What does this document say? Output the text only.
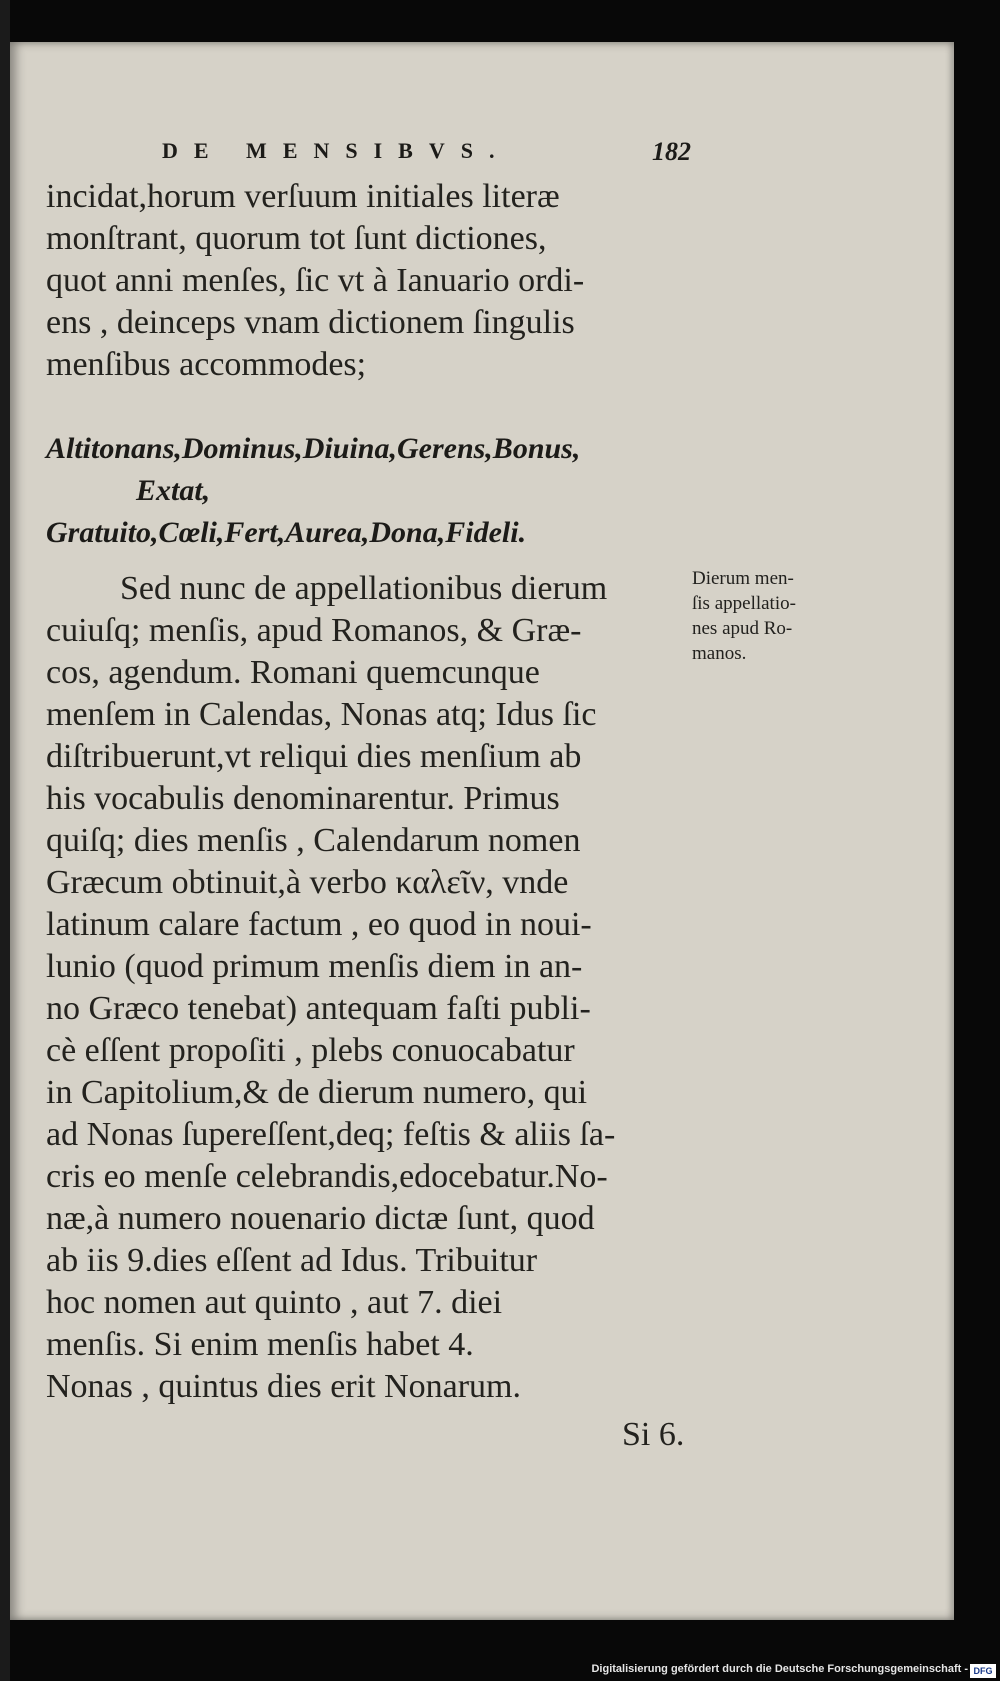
DE MENSIBVS.	182
incidat,horum verſuum initiales literæ
monſtrant, quorum tot ſunt dictiones,
quot anni menſes, ſic vt à Ianuario ordi-
ens , deinceps vnam dictionem ſingulis
menſibus accommodes;
Altitonans,Dominus,Diuina,Gerens,Bonus,
Extat,
Gratuito,Cœli,Fert,Aurea,Dona,Fideli.
Sed nunc de appellationibus dierum
cuiuſq; menſis, apud Romanos, & Græ-
cos, agendum. Romani quemcunque
menſem in Calendas, Nonas atq; Idus ſic
diſtribuerunt,vt reliqui dies menſium ab
his vocabulis denominarentur. Primus
quiſq; dies menſis , Calendarum nomen
Græcum obtinuit,à verbo καλεῖν, vnde
latinum calare factum , eo quod in noui-
lunio (quod primum menſis diem in an-
no Græco tenebat) antequam faſti publi-
cè eſſent propoſiti , plebs conuocabatur
in Capitolium,& de dierum numero, qui
ad Nonas ſupereſſent,deq; feſtis & aliis ſa-
cris eo menſe celebrandis,edocebatur.No-
næ,à numero nouenario dictæ ſunt, quod
ab iis 9.dies eſſent ad Idus. Tribuitur
hoc nomen aut quinto , aut 7. diei
menſis. Si enim menſis habet 4.
Nonas , quintus dies erit Nonarum.
Si 6.
Dierum men-
ſis appellatio-
nes apud Ro-
manos.
Digitalisierung gefördert durch die Deutsche Forschungsgemeinschaft - DFG
